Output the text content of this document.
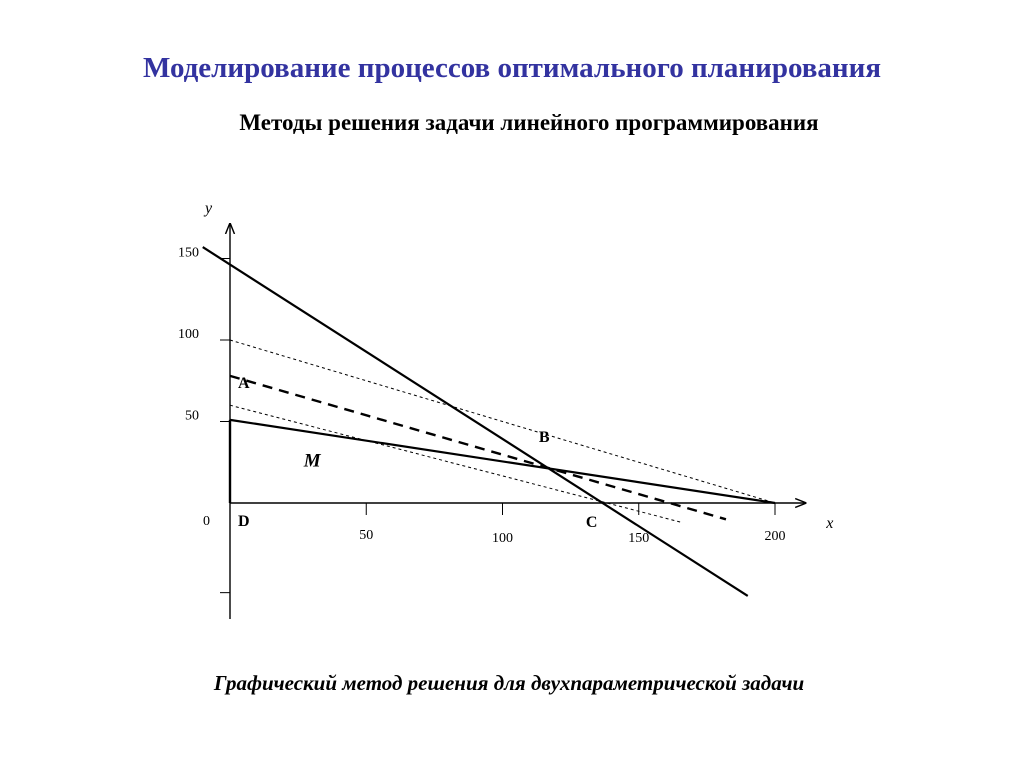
Моделирование процессов оптимального планирования
Методы решения задачи линейного программирования
y
x
0
50	100	150	200
50
100
150
A
B
C
D
M
Графический метод решения для двухпараметрической задачи
